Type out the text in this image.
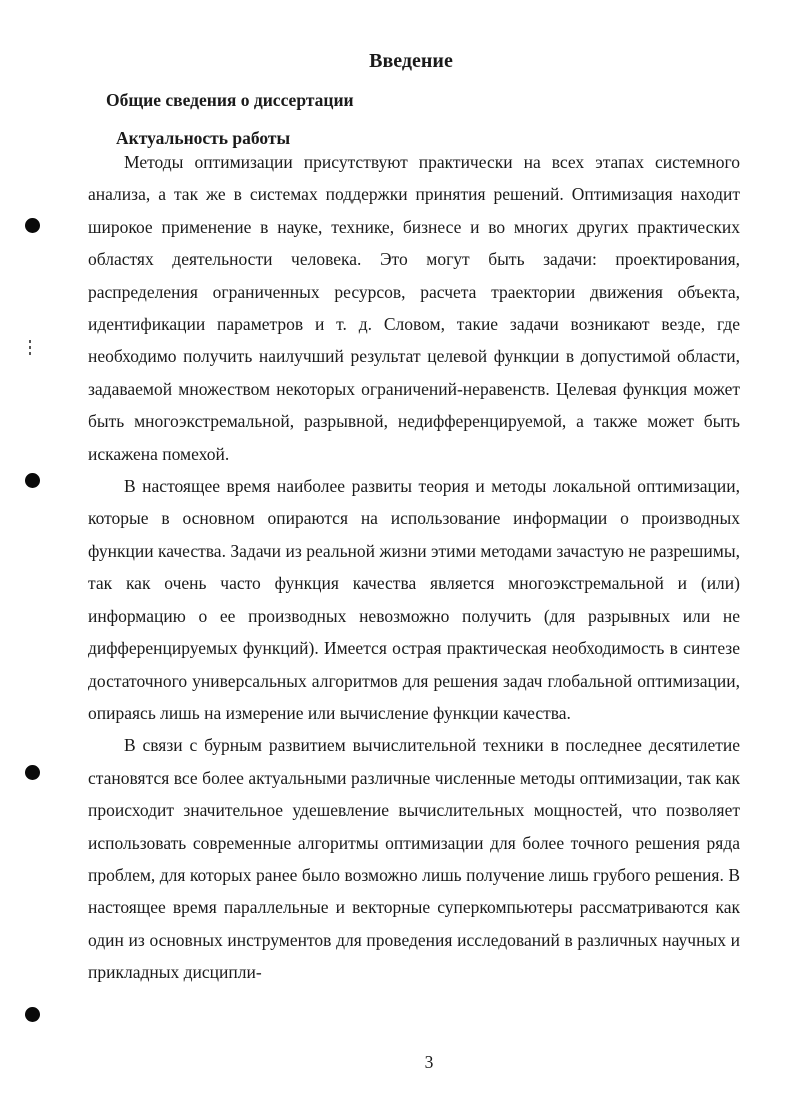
Введение
Общие сведения о диссертации
Актуальность работы

Методы оптимизации присутствуют практически на всех этапах системного анализа, а так же в системах поддержки принятия решений. Оптимизация находит широкое применение в науке, технике, бизнесе и во многих других практических областях деятельности человека. Это могут быть задачи: проектирования, распределения ограниченных ресурсов, расчета траектории движения объекта, идентификации параметров и т. д. Словом, такие задачи возникают везде, где необходимо получить наилучший результат целевой функции в допустимой области, задаваемой множеством некоторых ограничений-неравенств. Целевая функция может быть многоэкстремальной, разрывной, недифференцируемой, а также может быть искажена помехой.

В настоящее время наиболее развиты теория и методы локальной оптимизации, которые в основном опираются на использование информации о производных функции качества. Задачи из реальной жизни этими методами зачастую не разрешимы, так как очень часто функция качества является многоэкстремальной и (или) информацию о ее производных невозможно получить (для разрывных или не дифференцируемых функций). Имеется острая практическая необходимость в синтезе достаточного универсальных алгоритмов для решения задач глобальной оптимизации, опираясь лишь на измерение или вычисление функции качества.

В связи с бурным развитием вычислительной техники в последнее десятилетие становятся все более актуальными различные численные методы оптимизации, так как происходит значительное удешевление вычислительных мощностей, что позволяет использовать современные алгоритмы оптимизации для более точного решения ряда проблем, для которых ранее было возможно лишь получение лишь грубого решения. В настоящее время параллельные и векторные суперкомпьютеры рассматриваются как один из основных инструментов для проведения исследований в различных научных и прикладных дисципли-

3
